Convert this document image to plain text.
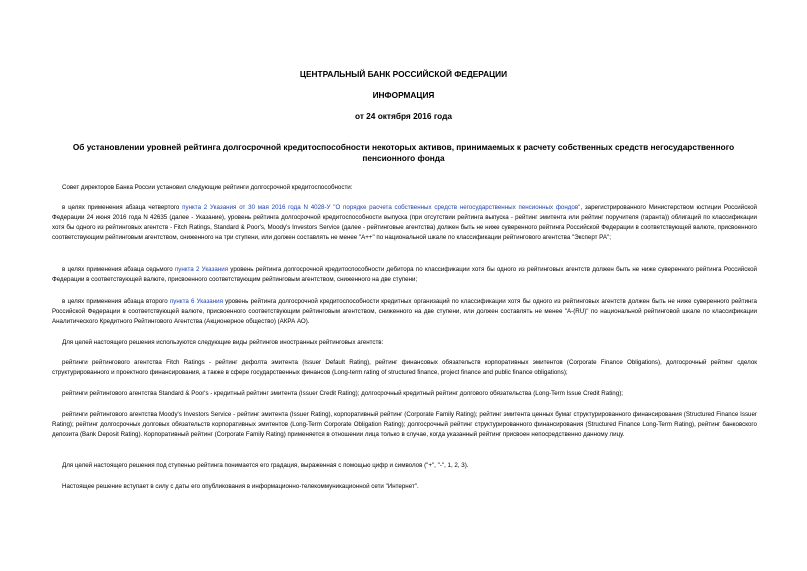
ЦЕНТРАЛЬНЫЙ БАНК РОССИЙСКОЙ ФЕДЕРАЦИИ
ИНФОРМАЦИЯ
от 24 октября 2016 года
Об установлении уровней рейтинга долгосрочной кредитоспособности некоторых активов, принимаемых к расчету собственных средств негосударственного пенсионного фонда
Совет директоров Банка России установил следующие рейтинги долгосрочной кредитоспособности:
в целях применения абзаца четвертого пункта 2 Указания от 30 мая 2016 года N 4028-У "О порядке расчета собственных средств негосударственных пенсионных фондов", зарегистрированного Министерством юстиции Российской Федерации 24 июня 2016 года N 42635 (далее - Указание), уровень рейтинга долгосрочной кредитоспособности выпуска (при отсутствии рейтинга выпуска - рейтинг эмитента или рейтинг поручителя (гаранта)) облигаций по классификации хотя бы одного из рейтинговых агентств - Fitch Ratings, Standard & Poor's, Moody's Investors Service (далее - рейтинговые агентства) должен быть не ниже суверенного рейтинга Российской Федерации в соответствующей валюте, присвоенного соответствующим рейтинговым агентством, сниженного на три ступени, или должен составлять не менее "А++" по национальной шкале по классификации рейтингового агентства "Эксперт РА";
в целях применения абзаца седьмого пункта 2 Указания уровень рейтинга долгосрочной кредитоспособности дебитора по классификации хотя бы одного из рейтинговых агентств должен быть не ниже суверенного рейтинга Российской Федерации в соответствующей валюте, присвоенного соответствующим рейтинговым агентством, сниженного на две ступени;
в целях применения абзаца второго пункта 6 Указания уровень рейтинга долгосрочной кредитоспособности кредитных организаций по классификации хотя бы одного из рейтинговых агентств должен быть не ниже суверенного рейтинга Российской Федерации в соответствующей валюте, присвоенного соответствующим рейтинговым агентством, сниженного на две ступени, или должен составлять не менее "A-(RU)" по национальной рейтинговой шкале по классификации Аналитического Кредитного Рейтингового Агентства (Акционерное общество) (АКРА АО).
Для целей настоящего решения используются следующие виды рейтингов иностранных рейтинговых агентств:
рейтинги рейтингового агентства Fitch Ratings - рейтинг дефолта эмитента (Issuer Default Rating), рейтинг финансовых обязательств корпоративных эмитентов (Corporate Finance Obligations), долгосрочный рейтинг сделок структурированного и проектного финансирования, а также в сфере государственных финансов (Long-term rating of structured finance, project finance and public finance obligations);
рейтинги рейтингового агентства Standard & Poor's - кредитный рейтинг эмитента (Issuer Credit Rating); долгосрочный кредитный рейтинг долгового обязательства (Long-Term Issue Credit Rating);
рейтинги рейтингового агентства Moody's Investors Service - рейтинг эмитента (Issuer Rating), корпоративный рейтинг (Corporate Family Rating); рейтинг эмитента ценных бумаг структурированного финансирования (Structured Finance Issuer Rating); рейтинг долгосрочных долговых обязательств корпоративных эмитентов (Long-Term Corporate Obligation Rating); долгосрочный рейтинг структурированного финансирования (Structured Finance Long-Term Rating), рейтинг банковского депозита (Bank Deposit Rating). Корпоративный рейтинг (Corporate Family Rating) применяется в отношении лица только в случае, когда указанный рейтинг присвоен непосредственно данному лицу.
Для целей настоящего решения под ступенью рейтинга понимается его градация, выраженная с помощью цифр и символов ("+", "-", 1, 2, 3).
Настоящее решение вступает в силу с даты его опубликования в информационно-телекоммуникационной сети "Интернет".
